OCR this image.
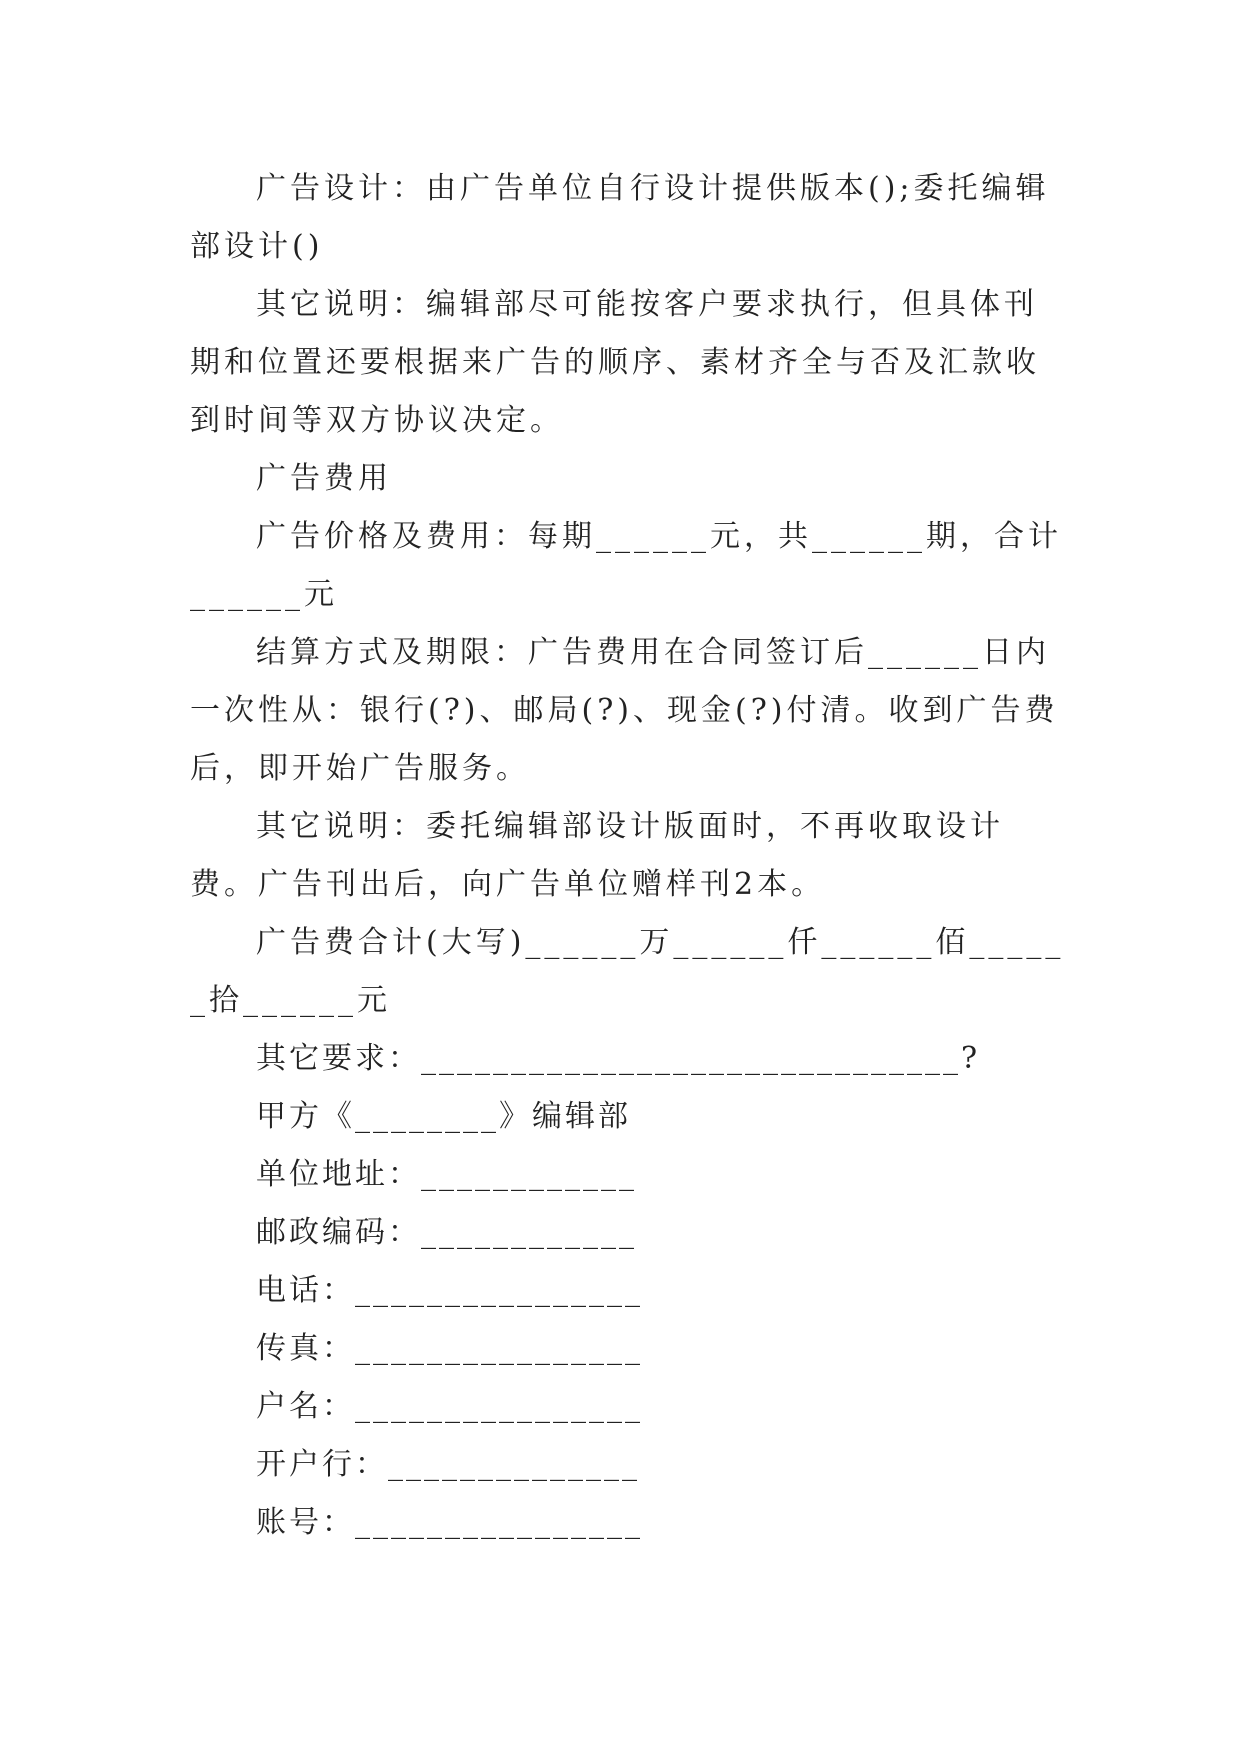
广告设计：由广告单位自行设计提供版本();委托编辑部设计()

其它说明：编辑部尽可能按客户要求执行，但具体刊期和位置还要根据来广告的顺序、素材齐全与否及汇款收到时间等双方协议决定。

广告费用

广告价格及费用：每期______元，共______期，合计______元

结算方式及期限：广告费用在合同签订后______日内一次性从：银行(?)、邮局(?)、现金(?)付清。收到广告费后，即开始广告服务。

其它说明：委托编辑部设计版面时，不再收取设计费。广告刊出后，向广告单位赠样刊2本。

广告费合计(大写)______万______仟______佰______拾______元

其它要求：______________________________?

甲方《________》编辑部

单位地址：____________

邮政编码：____________

电话：________________

传真：________________

户名：________________

开户行：______________

账号：________________
